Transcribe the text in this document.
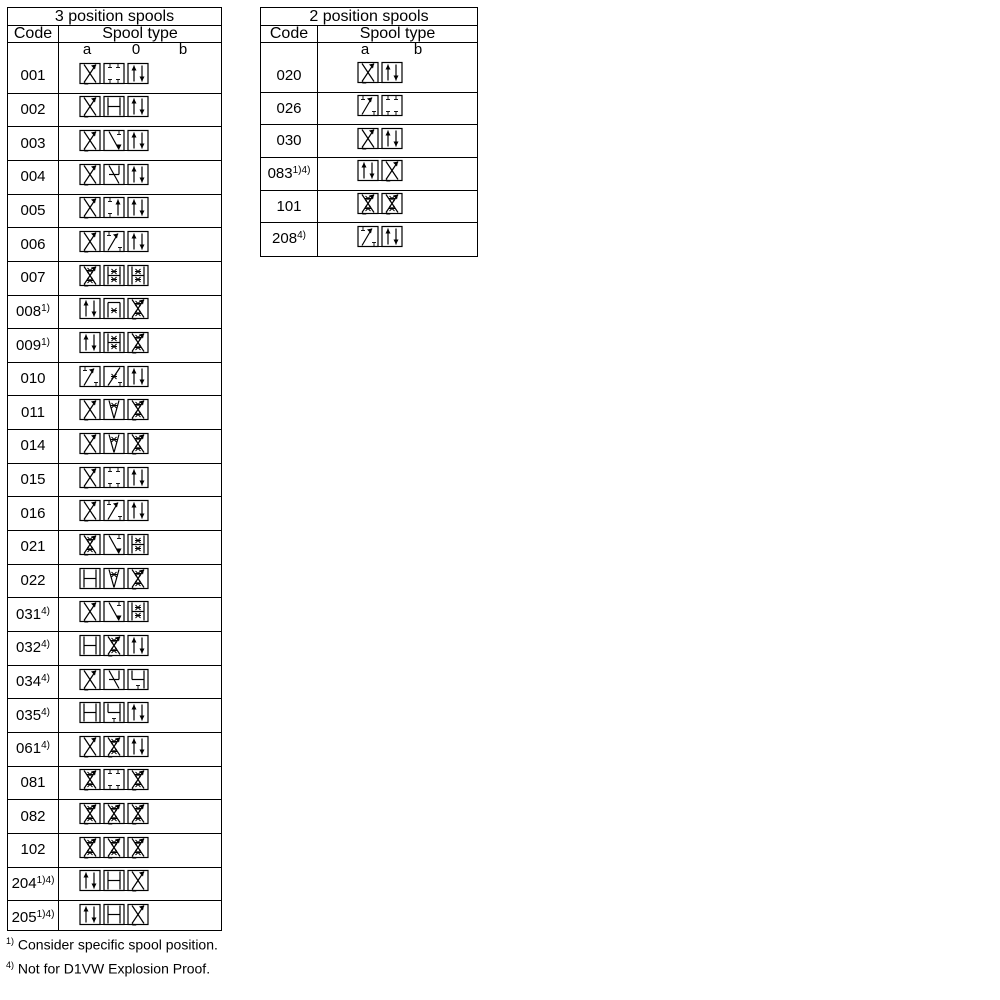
3 position spools
Code	Spool type
a	0	b
001
002
003
004
005
006
007
008 $^{1)}$
009 $^{1)}$
010
011
014
015
016
021
022
031$^{4)}$
032$^{4)}$
034$^{4)}$
035$^{4)}$
061$^{4)}$
081
082
102
$204^{1)4)}$
$205^{1)4)}$
2 position spools
Code	Spool type
a	b
020
026
030
$083^{1)4)}$
101
208$^{4)}$
$^{1)}$ Consider specific spool position.
$^{4)}$ Not for D1VW Explosion Proof.
